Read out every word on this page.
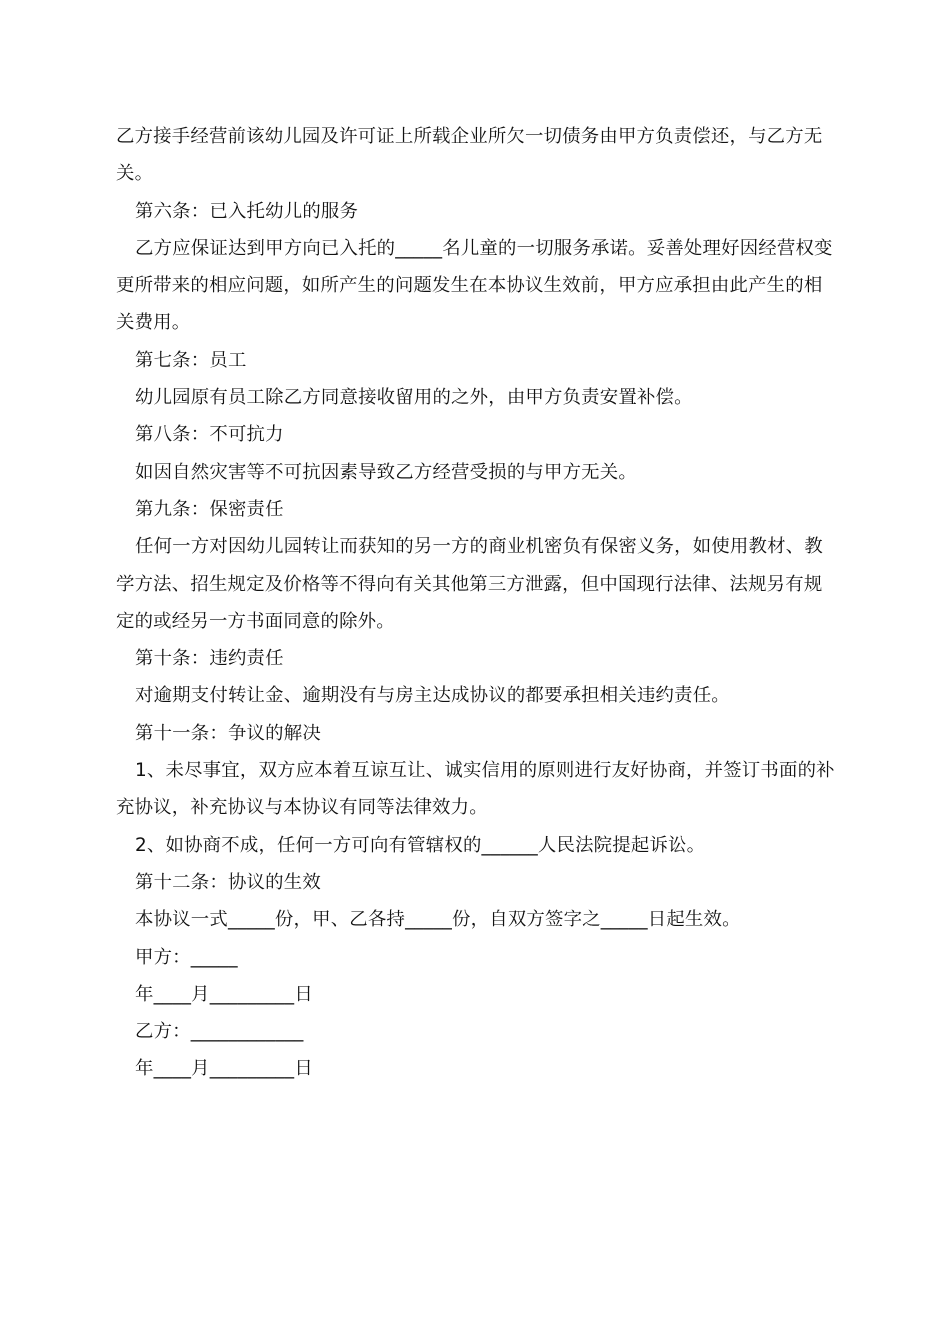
乙方接手经营前该幼儿园及许可证上所载企业所欠一切债务由甲方负责偿还，与乙方无关。

第六条：已入托幼儿的服务

乙方应保证达到甲方向已入托的_____名儿童的一切服务承诺。妥善处理好因经营权变更所带来的相应问题，如所产生的问题发生在本协议生效前，甲方应承担由此产生的相关费用。

第七条：员工

幼儿园原有员工除乙方同意接收留用的之外，由甲方负责安置补偿。

第八条：不可抗力

如因自然灾害等不可抗因素导致乙方经营受损的与甲方无关。

第九条：保密责任

任何一方对因幼儿园转让而获知的另一方的商业机密负有保密义务，如使用教材、教学方法、招生规定及价格等不得向有关其他第三方泄露，但中国现行法律、法规另有规定的或经另一方书面同意的除外。

第十条：违约责任

对逾期支付转让金、逾期没有与房主达成协议的都要承担相关违约责任。

第十一条：争议的解决

1、未尽事宜，双方应本着互谅互让、诚实信用的原则进行友好协商，并签订书面的补充协议，补充协议与本协议有同等法律效力。

2、如协商不成，任何一方可向有管辖权的______人民法院提起诉讼。

第十二条：协议的生效

本协议一式_____份，甲、乙各持_____份，自双方签字之_____日起生效。

甲方：_____

年____月_________日

乙方：____________

年____月_________日
